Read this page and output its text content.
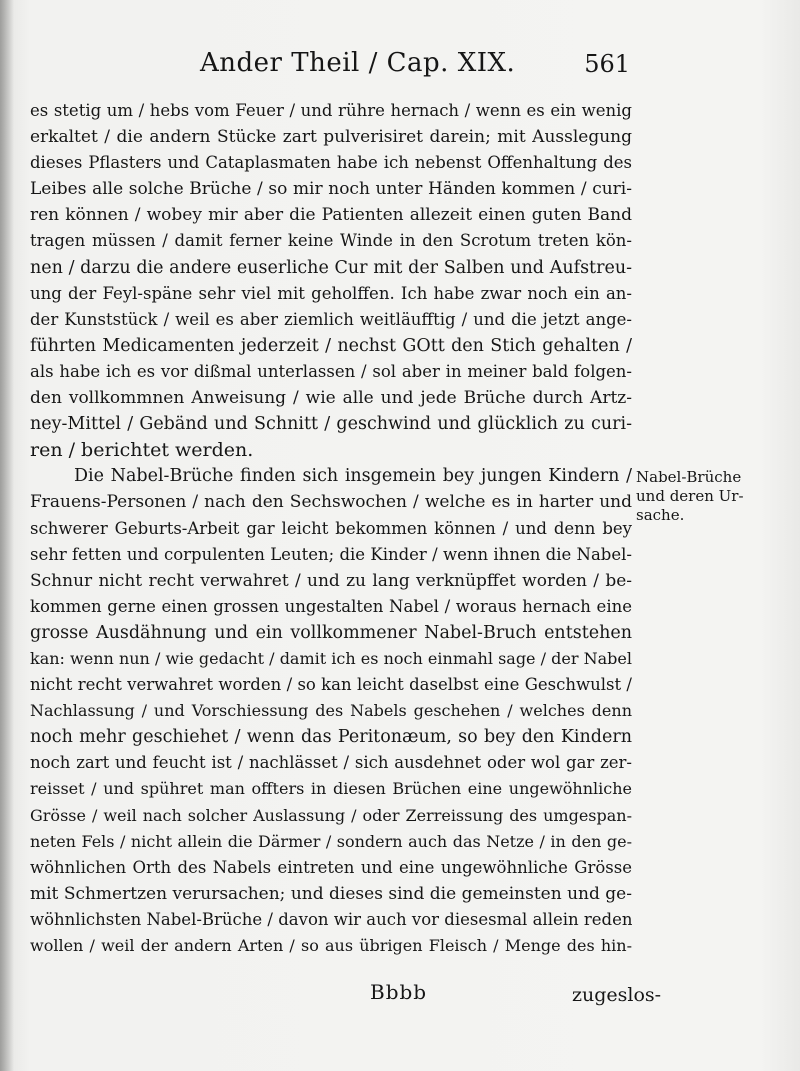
Ander Theil / Cap. XIX.	561
es stetig um / hebs vom Feuer / und rühre hernach / wenn es ein wenig
erkaltet / die andern Stücke zart pulverisiret darein; mit Ausslegung
dieses Pflasters und Cataplasmaten habe ich nebenst Offenhaltung des
Leibes alle solche Brüche / so mir noch unter Händen kommen / curi-
ren können / wobey mir aber die Patienten allezeit einen guten Band
tragen müssen / damit ferner keine Winde in den Scrotum treten kön-
nen / darzu die andere euserliche Cur mit der Salben und Aufstreu-
ung der Feyl-späne sehr viel mit geholffen. Ich habe zwar noch ein an-
der Kunststück / weil es aber ziemlich weitläufftig / und die jetzt ange-
führten Medicamenten jederzeit / nechst GOtt den Stich gehalten /
als habe ich es vor dißmal unterlassen / sol aber in meiner bald folgen-
den vollkommnen Anweisung / wie alle und jede Brüche durch Artz-
ney-Mittel / Gebänd und Schnitt / geschwind und glücklich zu curi-
ren / berichtet werden.
Die Nabel-Brüche finden sich insgemein bey jungen Kindern /
Frauens-Personen / nach den Sechswochen / welche es in harter und
schwerer Geburts-Arbeit gar leicht bekommen können / und denn bey
sehr fetten und corpulenten Leuten; die Kinder / wenn ihnen die Nabel-
Schnur nicht recht verwahret / und zu lang verknüpffet worden / be-
kommen gerne einen grossen ungestalten Nabel / woraus hernach eine
grosse Ausdähnung und ein vollkommener Nabel-Bruch entstehen
kan: wenn nun / wie gedacht / damit ich es noch einmahl sage / der Nabel
nicht recht verwahret worden / so kan leicht daselbst eine Geschwulst /
Nachlassung / und Vorschiessung des Nabels geschehen / welches denn
noch mehr geschiehet / wenn das Peritonæum, so bey den Kindern
noch zart und feucht ist / nachlässet / sich ausdehnet oder wol gar zer-
reisset / und spühret man offters in diesen Brüchen eine ungewöhnliche
Grösse / weil nach solcher Auslassung / oder Zerreissung des umgespan-
neten Fels / nicht allein die Därmer / sondern auch das Netze / in den ge-
wöhnlichen Orth des Nabels eintreten und eine ungewöhnliche Grösse
mit Schmertzen verursachen; und dieses sind die gemeinsten und ge-
wöhnlichsten Nabel-Brüche / davon wir auch vor diesesmal allein reden
wollen / weil der andern Arten / so aus übrigen Fleisch / Menge des hin-
Nabel-Brüche
und deren Ur-
sache.
Bbbb	zugeslos-
